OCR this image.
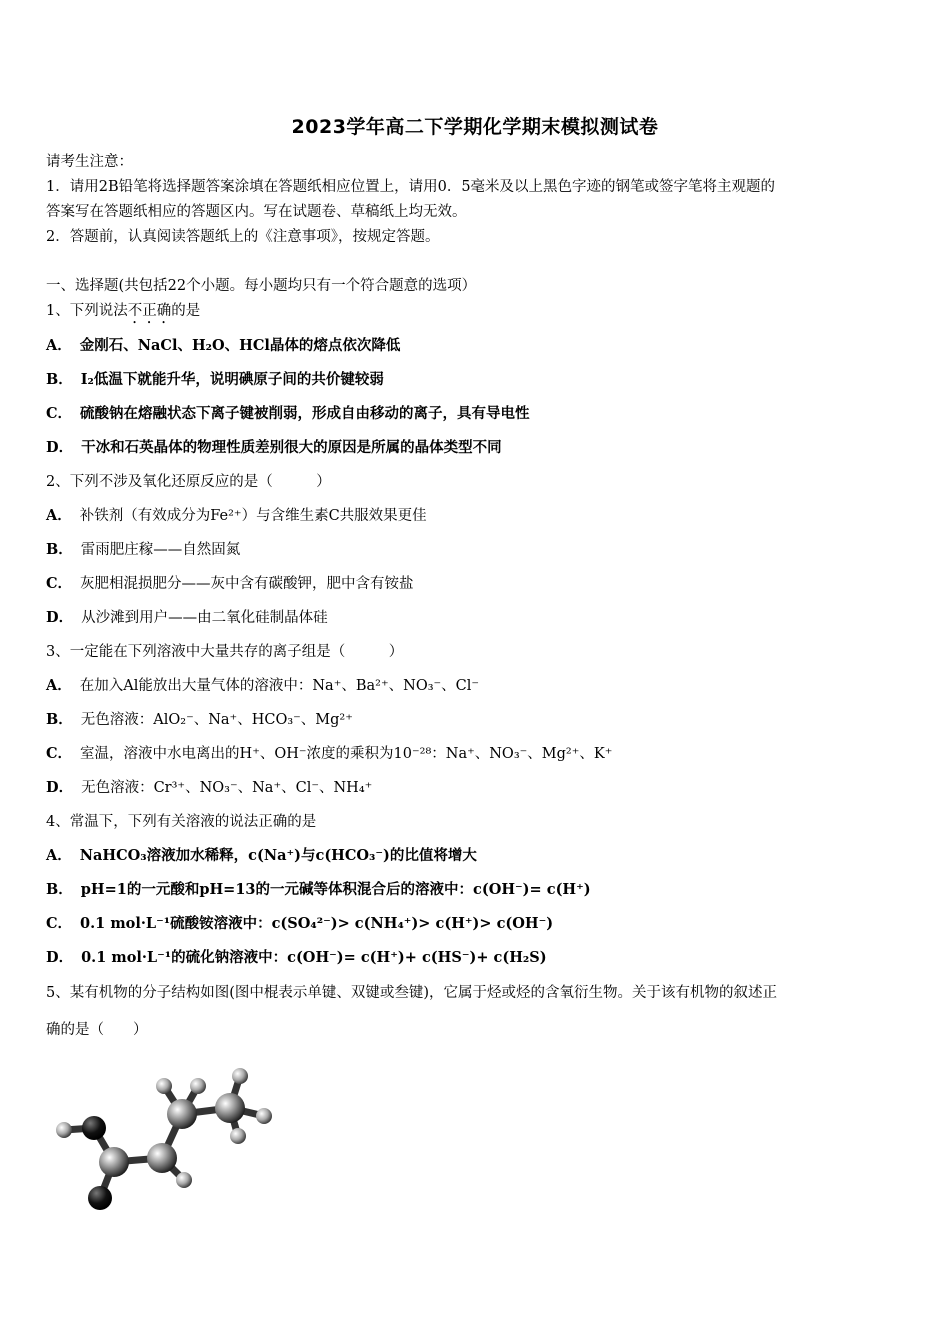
2023学年高二下学期化学期末模拟测试卷
请考生注意：
1．请用2B铅笔将选择题答案涂填在答题纸相应位置上，请用0．5毫米及以上黑色字迹的钢笔或签字笔将主观题的
答案写在答题纸相应的答题区内。写在试题卷、草稿纸上均无效。
2．答题前，认真阅读答题纸上的《注意事项》，按规定答题。
一、选择题(共包括22个小题。每小题均只有一个符合题意的选项）
1、下列说法不正确的是
A． 金刚石、NaCl、H₂O、HCl晶体的熔点依次降低
B． I₂低温下就能升华，说明碘原子间的共价键较弱
C． 硫酸钠在熔融状态下离子键被削弱，形成自由移动的离子，具有导电性
D． 干冰和石英晶体的物理性质差别很大的原因是所属的晶体类型不同
2、下列不涉及氧化还原反应的是（　　　）
A． 补铁剂（有效成分为Fe²⁺）与含维生素C共服效果更佳
B． 雷雨肥庄稼——自然固氮
C． 灰肥相混损肥分——灰中含有碳酸钾，肥中含有铵盐
D． 从沙滩到用户——由二氧化硅制晶体硅
3、一定能在下列溶液中大量共存的离子组是（　　　）
A． 在加入Al能放出大量气体的溶液中：Na⁺、Ba²⁺、NO₃⁻、Cl⁻
B． 无色溶液：AlO₂⁻、Na⁺、HCO₃⁻、Mg²⁺
C． 室温，溶液中水电离出的H⁺、OH⁻浓度的乘积为10⁻²⁸：Na⁺、NO₃⁻、Mg²⁺、K⁺
D． 无色溶液：Cr³⁺、NO₃⁻、Na⁺、Cl⁻、NH₄⁺
4、常温下，下列有关溶液的说法正确的是
A． NaHCO₃溶液加水稀释，c(Na⁺)与c(HCO₃⁻)的比值将增大
B． pH=1的一元酸和pH=13的一元碱等体积混合后的溶液中：c(OH⁻)= c(H⁺)
C． 0.1 mol·L⁻¹硫酸铵溶液中：c(SO₄²⁻)> c(NH₄⁺)> c(H⁺)> c(OH⁻)
D． 0.1 mol·L⁻¹的硫化钠溶液中：c(OH⁻)= c(H⁺)+ c(HS⁻)+ c(H₂S)
5、某有机物的分子结构如图(图中棍表示单键、双键或叁键)，它属于烃或烃的含氧衍生物。关于该有机物的叙述正
确的是（　　）
